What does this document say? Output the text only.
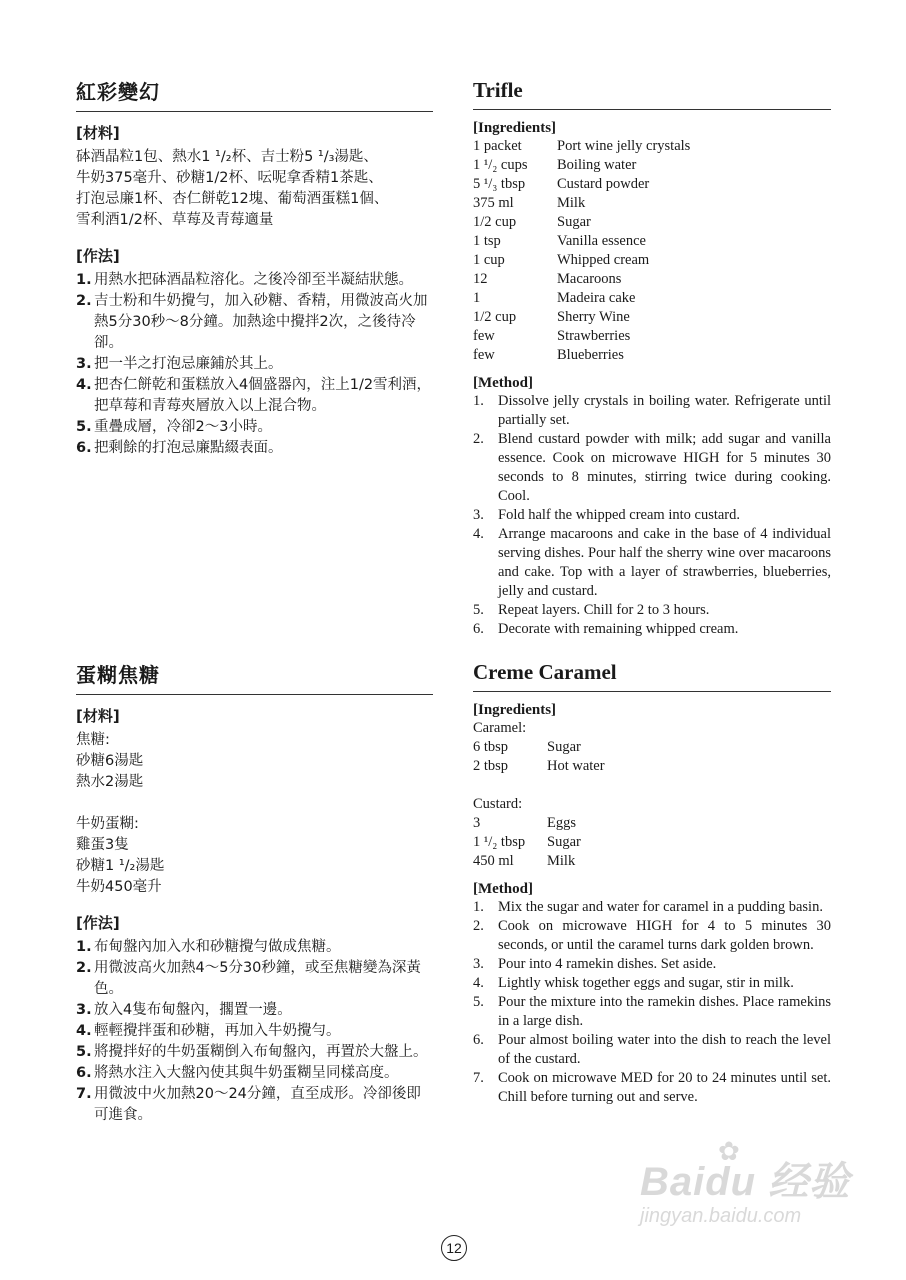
紅彩變幻
[材料]
砵酒晶粒1包、熱水1 ¹/₂杯、吉士粉5 ¹/₃湯匙、
牛奶375毫升、砂糖1/2杯、呍呢拿香精1茶匙、
打泡忌廉1杯、杏仁餅乾12塊、葡萄酒蛋糕1個、
雪利酒1/2杯、草莓及青莓適量
[作法]
1. 用熱水把砵酒晶粒溶化。之後冷卻至半凝結狀態。
2. 吉士粉和牛奶攪勻，加入砂糖、香精，用微波高火加熱5分30秒～8分鐘。加熱途中攪拌2次，之後待冷卻。
3. 把一半之打泡忌廉鋪於其上。
4. 把杏仁餅乾和蛋糕放入4個盛器內，注上1/2雪利酒，把草莓和青莓夾層放入以上混合物。
5. 重疊成層，冷卻2～3小時。
6. 把剩餘的打泡忌廉點綴表面。
Trifle
[Ingredients]
1 packet	Port wine jelly crystals
1 ¹/₂ cups	Boiling water
5 ¹/₃ tbsp	Custard powder
375 ml	Milk
1/2 cup	Sugar
1 tsp	Vanilla essence
1 cup	Whipped cream
12	Macaroons
1	Madeira cake
1/2 cup	Sherry Wine
few	Strawberries
few	Blueberries
[Method]
1. Dissolve jelly crystals in boiling water. Refrigerate until partially set.
2. Blend custard powder with milk; add sugar and vanilla essence. Cook on microwave HIGH for 5 minutes 30 seconds to 8 minutes, stirring twice during cooking. Cool.
3. Fold half the whipped cream into custard.
4. Arrange macaroons and cake in the base of 4 individual serving dishes. Pour half the sherry wine over macaroons and cake. Top with a layer of strawberries, blueberries, jelly and custard.
5. Repeat layers. Chill for 2 to 3 hours.
6. Decorate with remaining whipped cream.
蛋糊焦糖
[材料]
焦糖:
砂糖6湯匙
熱水2湯匙
牛奶蛋糊:
雞蛋3隻
砂糖1 ¹/₂湯匙
牛奶450毫升
[作法]
1. 布甸盤內加入水和砂糖攪勻做成焦糖。
2. 用微波高火加熱4～5分30秒鐘，或至焦糖變為深黃色。
3. 放入4隻布甸盤內，擱置一邊。
4. 輕輕攪拌蛋和砂糖，再加入牛奶攪勻。
5. 將攪拌好的牛奶蛋糊倒入布甸盤內，再置於大盤上。
6. 將熱水注入大盤內使其與牛奶蛋糊呈同樣高度。
7. 用微波中火加熱20～24分鐘，直至成形。冷卻後即可進食。
Creme Caramel
[Ingredients]
Caramel:
6 tbsp	Sugar
2 tbsp	Hot water
Custard:
3	Eggs
1 ¹/₂ tbsp	Sugar
450 ml	Milk
[Method]
1. Mix the sugar and water for caramel in a pudding basin.
2. Cook on microwave HIGH for 4 to 5 minutes 30 seconds, or until the caramel turns dark golden brown.
3. Pour into 4 ramekin dishes. Set aside.
4. Lightly whisk together eggs and sugar, stir in milk.
5. Pour the mixture into the ramekin dishes. Place ramekins in a large dish.
6. Pour almost boiling water into the dish to reach the level of the custard.
7. Cook on microwave MED for 20 to 24 minutes until set. Chill before turning out and serve.
✿
Baidu 经验
jingyan.baidu.com
12
